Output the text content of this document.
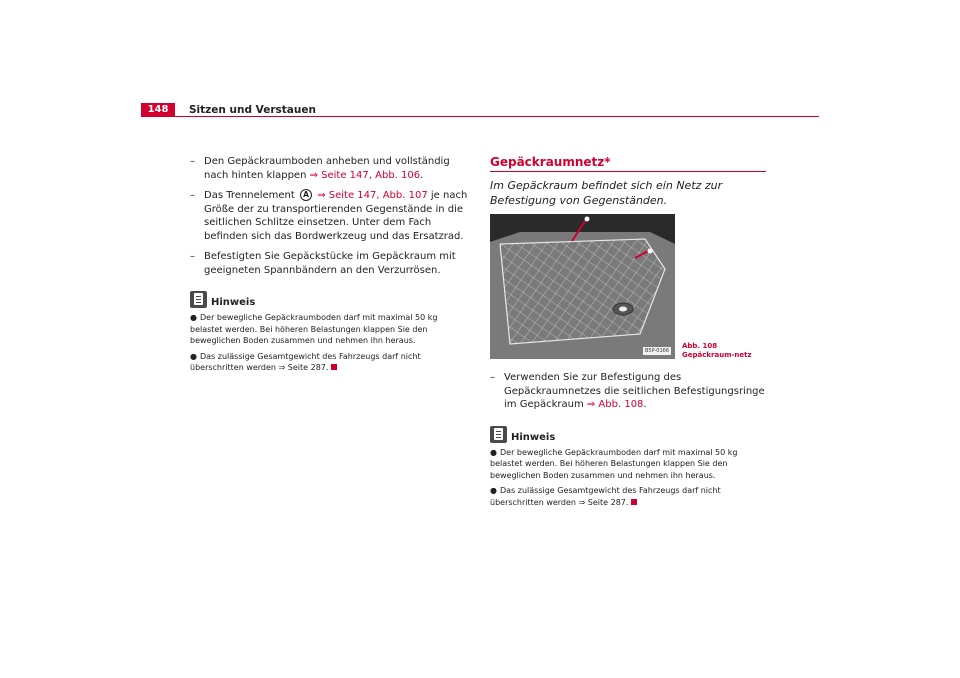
148	Sitzen und Verstauen
– Den Gepäckraumboden anheben und vollständig nach hinten klappen ⇒ Seite 147, Abb. 106.
– Das Trennelement A ⇒ Seite 147, Abb. 107 je nach Größe der zu transportierenden Gegenstände in die seitlichen Schlitze einsetzen. Unter dem Fach befinden sich das Bordwerkzeug und das Ersatzrad.
– Befestigten Sie Gepäckstücke im Gepäckraum mit geeigneten Spannbändern an den Verzurrösen.
Hinweis
● Der bewegliche Gepäckraumboden darf mit maximal 50 kg belastet werden. Bei höheren Belastungen klappen Sie den beweglichen Boden zusammen und nehmen ihn heraus.
● Das zulässige Gesamtgewicht des Fahrzeugs darf nicht überschritten werden ⇒ Seite 287.
Gepäckraumnetz*
Im Gepäckraum befindet sich ein Netz zur Befestigung von Gegenständen.
B5P-0166
Abb. 108 Gepäckraum-netz
– Verwenden Sie zur Befestigung des Gepäckraumnetzes die seitlichen Befestigungsringe im Gepäckraum ⇒ Abb. 108.
Hinweis
● Der bewegliche Gepäckraumboden darf mit maximal 50 kg belastet werden. Bei höheren Belastungen klappen Sie den beweglichen Boden zusammen und nehmen ihn heraus.
● Das zulässige Gesamtgewicht des Fahrzeugs darf nicht überschritten werden ⇒ Seite 287.
